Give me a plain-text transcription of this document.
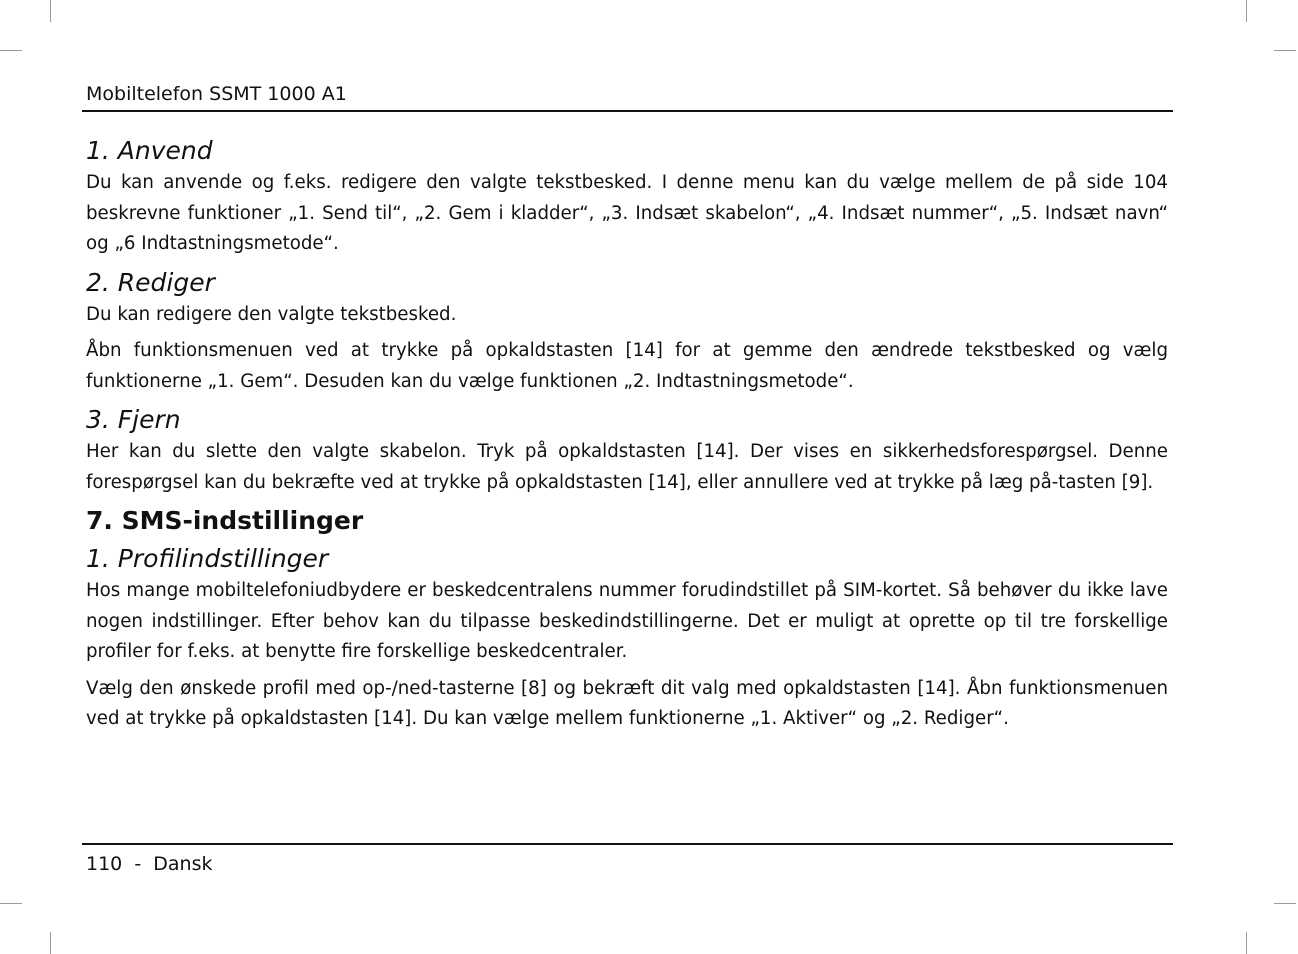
Mobiltelefon SSMT 1000 A1

1. Anvend

Du kan anvende og f.eks. redigere den valgte tekstbesked. I denne menu kan du vælge mellem de på side 104 beskrevne funktioner „1. Send til“, „2. Gem i kladder“, „3. Indsæt skabelon“, „4. Indsæt nummer“, „5. Indsæt navn“ og „6 Indtastningsmetode“.

2. Rediger

Du kan redigere den valgte tekstbesked.

Åbn funktionsmenuen ved at trykke på opkaldstasten [14] for at gemme den ændrede tekstbesked og vælg funktionerne „1. Gem“. Desuden kan du vælge funktionen „2. Indtastningsmetode“.

3. Fjern

Her kan du slette den valgte skabelon. Tryk på opkaldstasten [14]. Der vises en sikkerhedsforespørgsel. Denne forespørgsel kan du bekræfte ved at trykke på opkaldstasten [14], eller annullere ved at trykke på læg på-tasten [9].

7. SMS-indstillinger
1. Profilindstillinger

Hos mange mobiltelefoniudbydere er beskedcentralens nummer forudindstillet på SIM-kortet. Så behøver du ikke lave nogen indstillinger. Efter behov kan du tilpasse beskedindstillingerne. Det er muligt at oprette op til tre forskellige profiler for f.eks. at benytte fire forskellige beskedcentraler.

Vælg den ønskede profil med op-/ned-tasterne [8] og bekræft dit valg med opkaldstasten [14]. Åbn funktionsmenuen ved at trykke på opkaldstasten [14]. Du kan vælge mellem funktionerne „1. Aktiver“ og „2. Rediger“.

110  -  Dansk
